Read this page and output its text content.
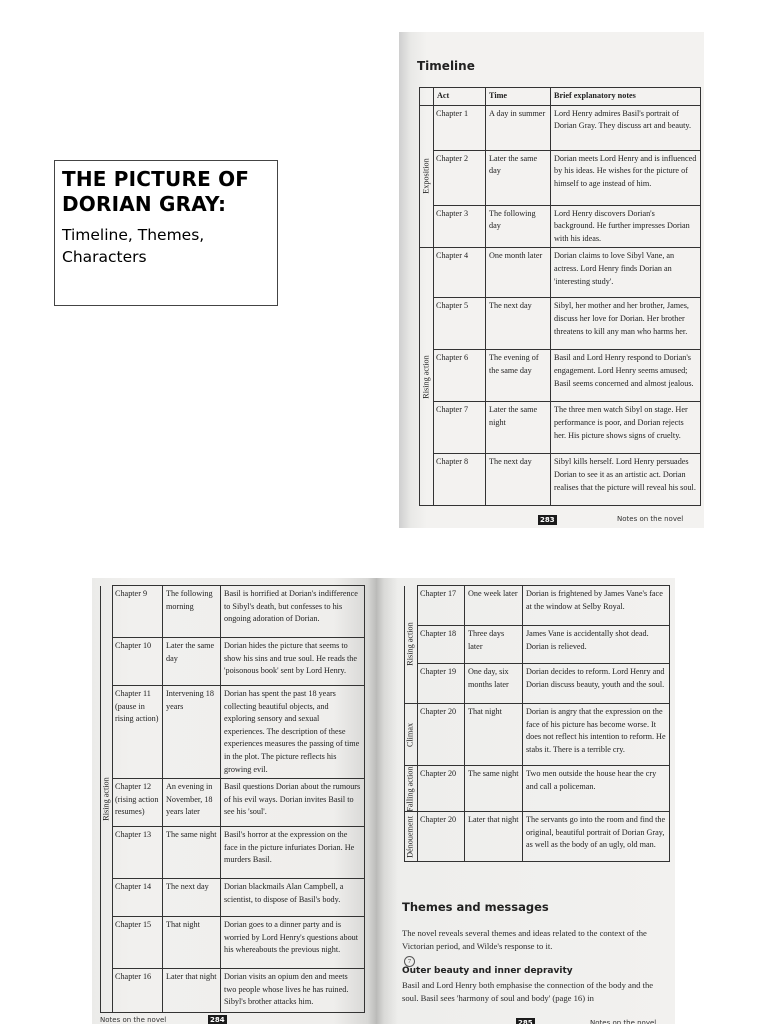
THE PICTURE OF DORIAN GRAY:

Timeline, Themes, Characters

Timeline
	Act	Time	Brief explanatory notes

Exposition	Chapter 1	A day in summer	Lord Henry admires Basil's portrait of Dorian Gray. They discuss art and beauty.
	Chapter 2	Later the same day	Dorian meets Lord Henry and is influenced by his ideas. He wishes for the picture of himself to age instead of him.
	Chapter 3	The following day	Lord Henry discovers Dorian's background. He further impresses Dorian with his ideas.

Rising action	Chapter 4	One month later	Dorian claims to love Sibyl Vane, an actress. Lord Henry finds Dorian an 'interesting study'.
	Chapter 5	The next day	Sibyl, her mother and her brother, James, discuss her love for Dorian. Her brother threatens to kill any man who harms her.
	Chapter 6	The evening of the same day	Basil and Lord Henry respond to Dorian's engagement. Lord Henry seems amused; Basil seems concerned and almost jealous.
	Chapter 7	Later the same night	The three men watch Sibyl on stage. Her performance is poor, and Dorian rejects her. His picture shows signs of cruelty.
	Chapter 8	The next day	Sibyl kills herself. Lord Henry persuades Dorian to see it as an artistic act. Dorian realises that the picture will reveal his soul.
283	Notes on the novel
Rising action	Chapter 9	The following morning	Basil is horrified at Dorian's indifference to Sibyl's death, but confesses to his ongoing adoration of Dorian.
	Chapter 10	Later the same day	Dorian hides the picture that seems to show his sins and true soul. He reads the 'poisonous book' sent by Lord Henry.
	Chapter 11 (pause in rising action)	Intervening 18 years	Dorian has spent the past 18 years collecting beautiful objects, and exploring sensory and sexual experiences. The description of these experiences measures the passing of time in the plot. The picture reflects his growing evil.
	Chapter 12 (rising action resumes)	An evening in November, 18 years later	Basil questions Dorian about the rumours of his evil ways. Dorian invites Basil to see his 'soul'.
	Chapter 13	The same night	Basil's horror at the expression on the face in the picture infuriates Dorian. He murders Basil.
	Chapter 14	The next day	Dorian blackmails Alan Campbell, a scientist, to dispose of Basil's body.
	Chapter 15	That night	Dorian goes to a dinner party and is worried by Lord Henry's questions about his whereabouts the previous night.
	Chapter 16	Later that night	Dorian visits an opium den and meets two people whose lives he has ruined. Sibyl's brother attacks him.
Notes on the novel	284
Rising action	Chapter 17	One week later	Dorian is frightened by James Vane's face at the window at Selby Royal.
	Chapter 18	Three days later	James Vane is accidentally shot dead. Dorian is relieved.
	Chapter 19	One day, six months later	Dorian decides to reform. Lord Henry and Dorian discuss beauty, youth and the soul.

Climax	Chapter 20	That night	Dorian is angry that the expression on the face of his picture has become worse. It does not reflect his intention to reform. He stabs it. There is a terrible cry.

Falling action	Chapter 20	The same night	Two men outside the house hear the cry and call a policeman.

Dénouement	Chapter 20	Later that night	The servants go into the room and find the original, beautiful portrait of Dorian Gray, as well as the body of an ugly, old man.
Themes and messages
The novel reveals several themes and ideas related to the context of the Victorian period, and Wilde's response to it.
7
Outer beauty and inner depravity
Basil and Lord Henry both emphasise the connection of the body and the soul. Basil sees 'harmony of soul and body' (page 16) in
285	Notes on the novel
